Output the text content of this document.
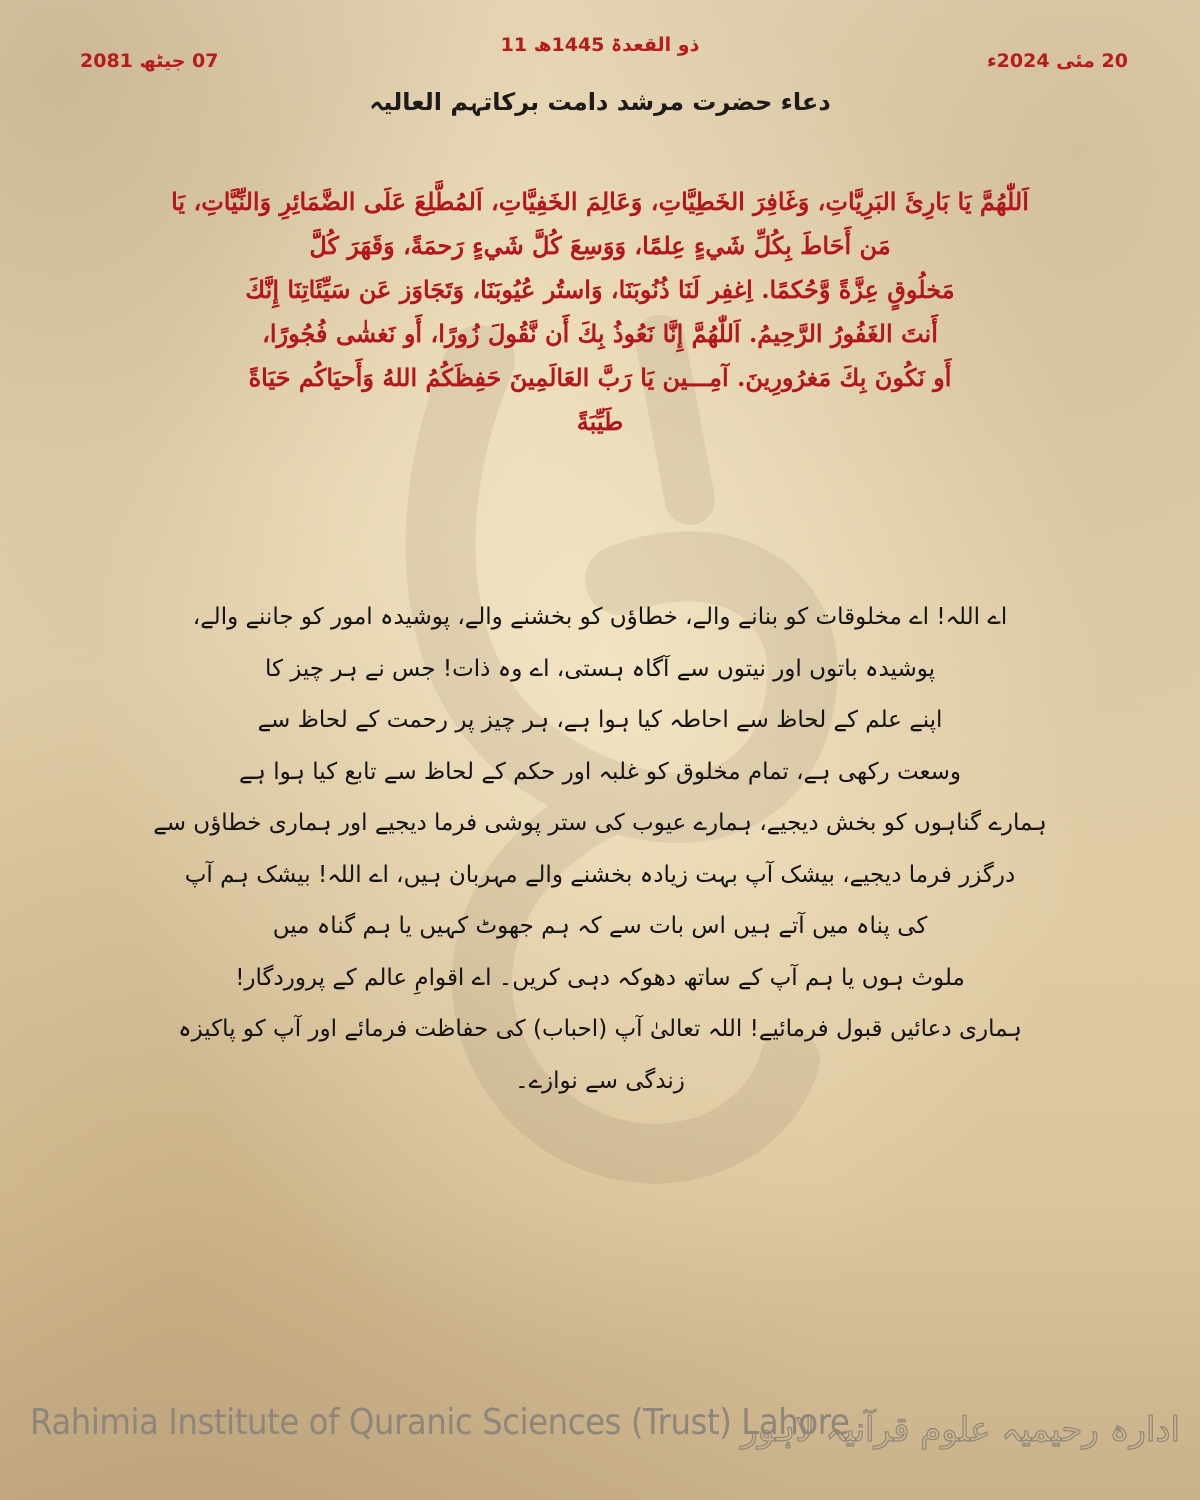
11 ذو القعدۃ 1445ھ
20 مئی 2024ء
07 جیٹھ 2081
دعاء حضرت مرشد دامت برکاتہم العالیہ
اَللّٰهُمَّ يَا بَارِئَ البَرِيَّاتِ، وَغَافِرَ الخَطِيَّاتِ، وَعَالِمَ الخَفِيَّاتِ، اَلمُطَّلِعَ عَلَى الضَّمَائِرِ وَالنِّيَّاتِ، يَا
مَن أَحَاطَ بِكُلِّ شَيءٍ عِلمًا، وَوَسِعَ كُلَّ شَيءٍ رَحمَةً، وَقَهَرَ كُلَّ
مَخلُوقٍ عِزَّةً وَّحُكمًا. اِغفِر لَنَا ذُنُوبَنَا، وَاستُر عُيُوبَنَا، وَتَجَاوَز عَن سَيِّئَاتِنَا إِنَّكَ
أَنتَ الغَفُورُ الرَّحِيمُ. اَللّٰهُمَّ إِنَّا نَعُوذُ بِكَ أَن نَّقُولَ زُورًا، أَو نَغشٰى فُجُورًا،
أَو نَكُونَ بِكَ مَغرُورِينَ. آمِـــين يَا رَبَّ العَالَمِينَ حَفِظَكُمُ اللهُ وَأَحيَاكُم حَيَاةً
طَيِّبَةً
اے اللہ! اے مخلوقات کو بنانے والے، خطاؤں کو بخشنے والے، پوشیدہ امور کو جاننے والے،
پوشیدہ باتوں اور نیتوں سے آگاہ ہستی، اے وہ ذات! جس نے ہر چیز کا
اپنے علم کے لحاظ سے احاطہ کیا ہوا ہے، ہر چیز پر رحمت کے لحاظ سے
وسعت رکھی ہے، تمام مخلوق کو غلبہ اور حکم کے لحاظ سے تابع کیا ہوا ہے
ہمارے گناہوں کو بخش دیجیے، ہمارے عیوب کی ستر پوشی فرما دیجیے اور ہماری خطاؤں سے
درگزر فرما دیجیے، بیشک آپ بہت زیادہ بخشنے والے مہربان ہیں، اے اللہ! بیشک ہم آپ
کی پناہ میں آتے ہیں اس بات سے کہ ہم جھوٹ کہیں یا ہم گناہ میں
ملوث ہوں یا ہم آپ کے ساتھ دھوکہ دہی کریں۔ اے اقوامِ عالم کے پروردگار!
ہماری دعائیں قبول فرمائیے! اللہ تعالیٰ آپ (احباب) کی حفاظت فرمائے اور آپ کو پاکیزہ
زندگی سے نوازے۔
Rahimia Institute of Quranic Sciences (Trust) Lahore
ادارہ رحیمیہ علوم قرآنیہ لاہور
